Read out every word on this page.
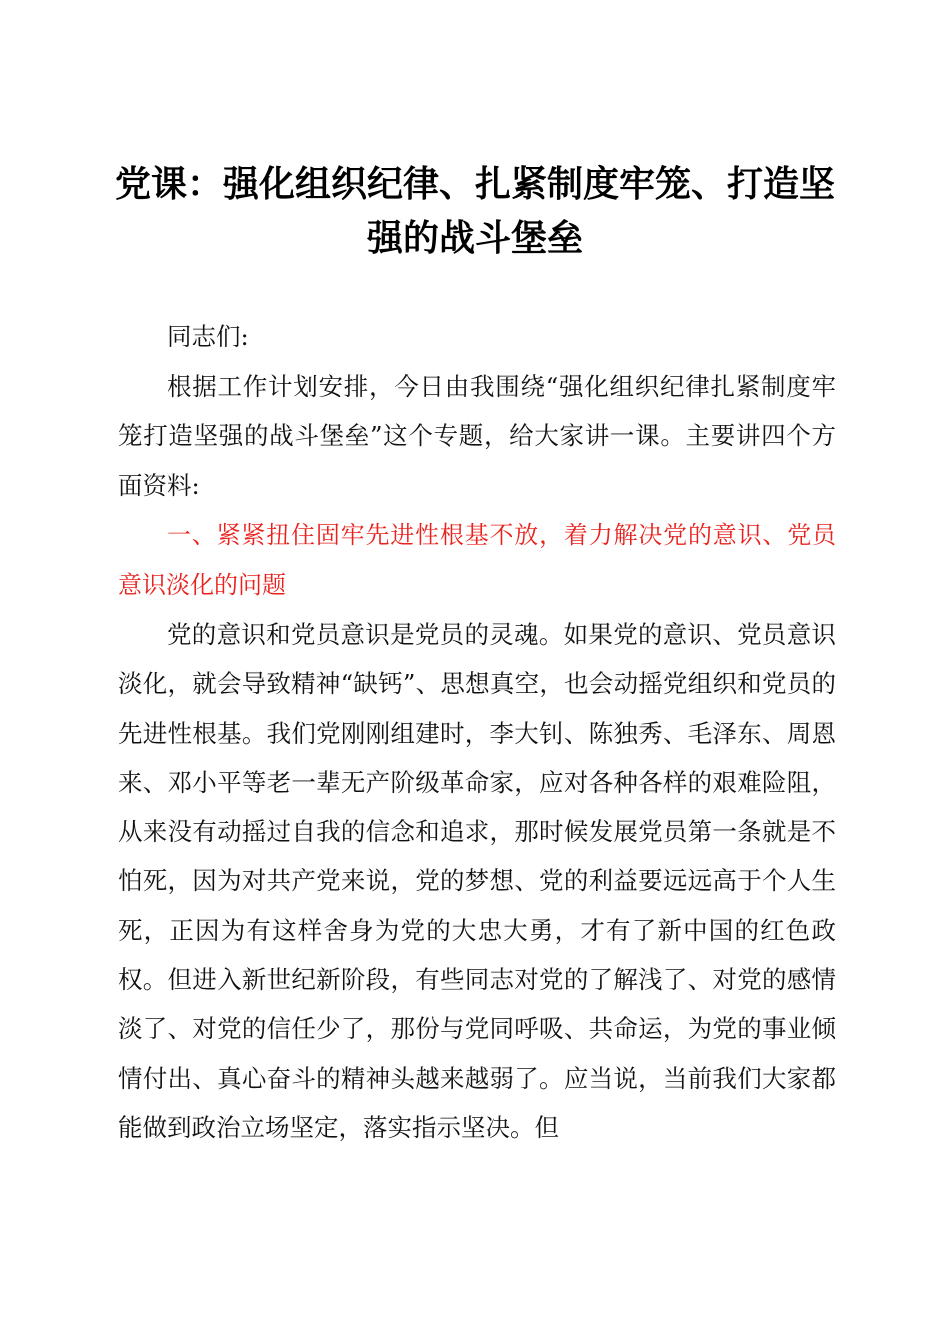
党课：强化组织纪律、扎紧制度牢笼、打造坚强的战斗堡垒

同志们:

根据工作计划安排，今日由我围绕“强化组织纪律扎紧制度牢笼打造坚强的战斗堡垒”这个专题，给大家讲一课。主要讲四个方面资料:

一、紧紧扭住固牢先进性根基不放，着力解决党的意识、党员意识淡化的问题

党的意识和党员意识是党员的灵魂。如果党的意识、党员意识淡化，就会导致精神“缺钙”、思想真空，也会动摇党组织和党员的先进性根基。我们党刚刚组建时，李大钊、陈独秀、毛泽东、周恩来、邓小平等老一辈无产阶级革命家，应对各种各样的艰难险阻，从来没有动摇过自我的信念和追求，那时候发展党员第一条就是不怕死，因为对共产党来说，党的梦想、党的利益要远远高于个人生死，正因为有这样舍身为党的大忠大勇，才有了新中国的红色政权。但进入新世纪新阶段，有些同志对党的了解浅了、对党的感情淡了、对党的信任少了，那份与党同呼吸、共命运，为党的事业倾情付出、真心奋斗的精神头越来越弱了。应当说，当前我们大家都能做到政治立场坚定，落实指示坚决。但
